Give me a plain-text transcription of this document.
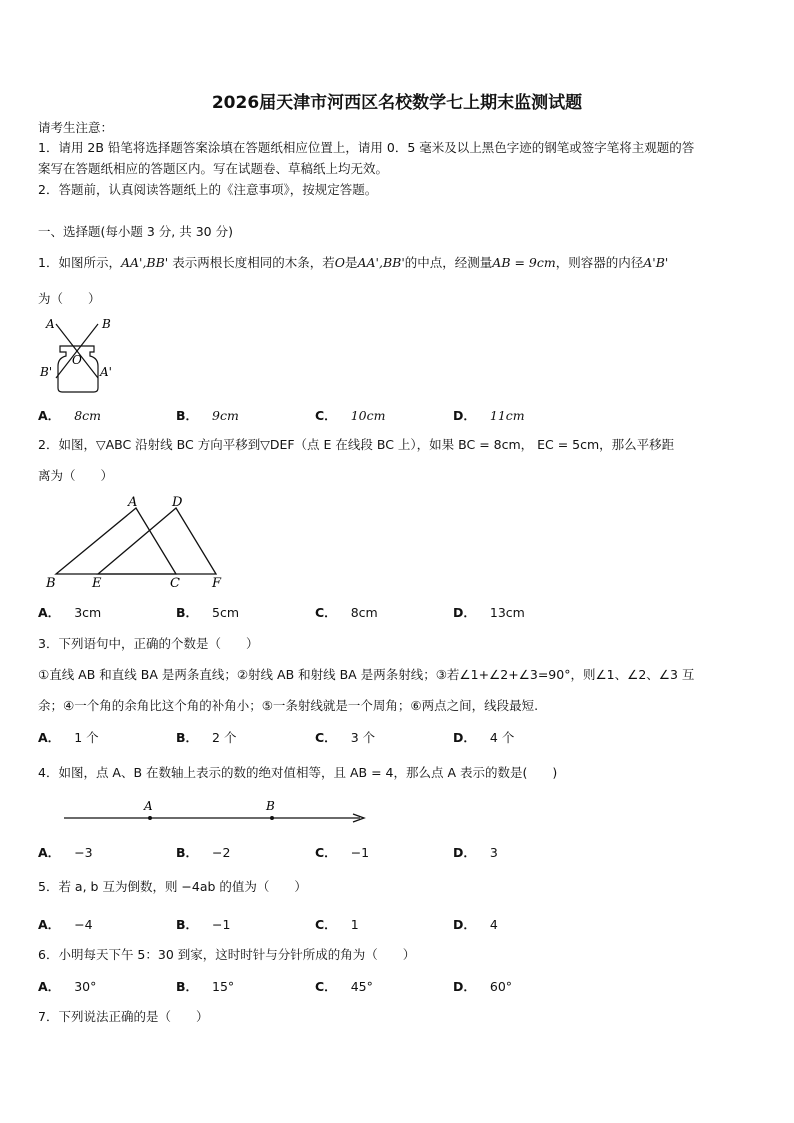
2026届天津市河西区名校数学七上期末监测试题
请考生注意：
1．请用 2B 铅笔将选择题答案涂填在答题纸相应位置上，请用 0．5 毫米及以上黑色字迹的钢笔或签字笔将主观题的答
案写在答题纸相应的答题区内。写在试题卷、草稿纸上均无效。
2．答题前，认真阅读答题纸上的《注意事项》，按规定答题。
一、选择题(每小题 3 分, 共 30 分)
1．如图所示，AA',BB' 表示两根长度相同的木条，若O是AA',BB'的中点，经测量AB = 9cm，则容器的内径A'B'
为（　　）
A	B
O
B'	A'
A． 8cm	B． 9cm	C． 10cm	D． 11cm
2．如图，▽ABC 沿射线 BC 方向平移到▽DEF（点 E 在线段 BC 上），如果 BC = 8cm， EC = 5cm，那么平移距
离为（　　）
A	D
B	E	C F
A． 3cm	B． 5cm	C． 8cm	D． 13cm
3．下列语句中，正确的个数是（　　）
①直线 AB 和直线 BA 是两条直线；②射线 AB 和射线 BA 是两条射线；③若∠1+∠2+∠3=90°，则∠1、∠2、∠3 互
余；④一个角的余角比这个角的补角小；⑤一条射线就是一个周角；⑥两点之间，线段最短.
A． 1 个	B． 2 个	C． 3 个	D． 4 个
4．如图，点 A、B 在数轴上表示的数的绝对值相等，且 AB = 4，那么点 A 表示的数是(　　)
A	B
A． −3	B． −2	C． −1	D． 3
5．若 a, b 互为倒数，则 −4ab 的值为（　　）
A． −4	B． −1	C． 1	D． 4
6．小明每天下午 5：30 到家，这时时针与分针所成的角为（　　）
A． 30°	B． 15°	C． 45°	D． 60°
7．下列说法正确的是（　　）
